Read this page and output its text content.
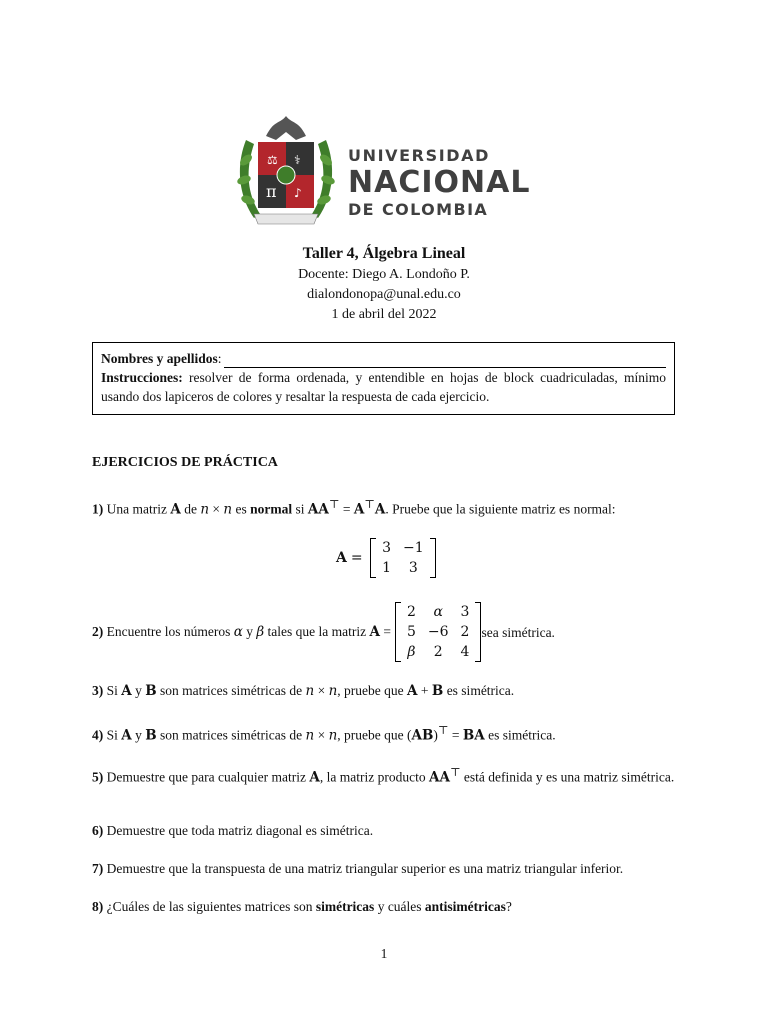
⚖ ⚕
π ♪
UNIVERSIDAD
NACIONAL
DE COLOMBIA
Taller 4, Álgebra Lineal
Docente: Diego A. Londoño P.
dialondonopa@unal.edu.co
1 de abril del 2022
Nombres y apellidos :
Instrucciones: resolver de forma ordenada, y entendible en hojas de block cuadriculadas, mínimo usando dos lapiceros de colores y resaltar la respuesta de cada ejercicio.
EJERCICIOS DE PRÁCTICA
1) Una matriz A de n × n es normal si AA⊤ = A⊤A. Pruebe que la siguiente matriz es normal:
A =
3	−1
1	3
2) Encuentre los números α y β tales que la matriz A =
2	α	3
5	−6	2
β	2	4
sea simétrica.
3) Si A y B son matrices simétricas de n × n, pruebe que A + B es simétrica.
4) Si A y B son matrices simétricas de n × n, pruebe que (AB)⊤ = BA es simétrica.
5) Demuestre que para cualquier matriz A, la matriz producto AA⊤ está definida y es una matriz simétrica.
6) Demuestre que toda matriz diagonal es simétrica.
7) Demuestre que la transpuesta de una matriz triangular superior es una matriz triangular inferior.
8) ¿Cuáles de las siguientes matrices son simétricas y cuáles antisimétricas?
1
